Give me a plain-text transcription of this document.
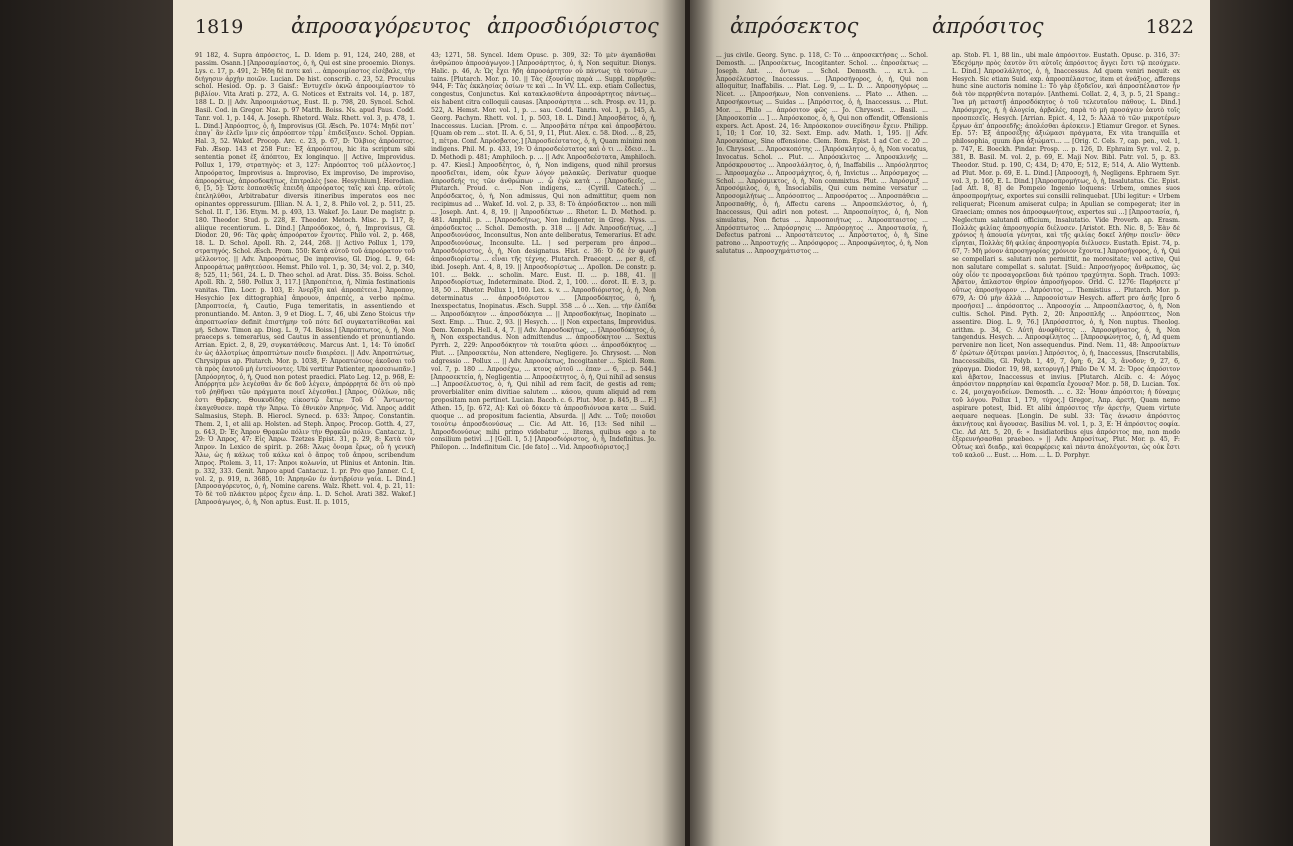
1819 ἀπροσαγόρευτος ἀπροσδιόριστος
91 182, 4. Supra ἀπρόσετος, L. D. Idem p. 91, 124, 240, 288, et passim. Οsann.] [Ἀπροσαμίαστος, ὁ, ἡ, Qui est sine prooemio. Dionys. Lys. c. 17, p. 491, 2: Ἠδη δὲ ποτε καὶ … ἀπροοιμίαστος εἰσέβαλε, τὴν διήγησιν ἀρχὴν ποιῶν. Lucian. De hist. conscrib. c. 23, 52. Proculus schol. Hesiod. Op. p. 3 Gaisf.: Ἐντυχεῖν ὀκνῶ ἀπροοιμίαστον τὸ βιβλίον. Vita Arati p. 272, A. G. Notices et Extraits vol. 14, p. 187, 188 L. D. || Adv. Ἀπροοιμιάστως, Eust. II. p. 798, 20. Syncel. Schol. Basil. Cod. in Gregor. Naz. p. 97 Matth. Boiss. Ns. apud Paus. Codd. Tanr. vol. 1, p. 144, A. Joseph. Rhetord. Walz. Rhett. vol. 3, p. 478, 1. L. Dind.] Ἀπρόοπτος, ὁ, ἡ, Improvisus (Gl. Æsch. Pe. 1074: Μηδὲ ποτ᾽ ἐπαγ᾽ ἂν ἐλεῖν ἴμιν εἰς ἀπρόοπτον τέρμ᾽ ἐπιδείξαιεν. Schol. Oppian. Hal. 3, 52. Wakef. Procop. Arc. c. 23, p. 67, D: Ὅλβιος ἀπρόοπτος. Fab. Æsop. 143 et 258 Fur.: Ἐξ ἀπροόπτου, hic ita scriptum sibi sententia ponet ἐξ ἀπόπτου, Ex longinquo. || Active, Improvidus. Pollux 1, 179, στρατηγὸς: et 3, 127: Ἀπρόοπτος τοῦ μέλλοντος.] Ἀπροόρατος, Improvisus a. Improviso, Ex improviso, De improviso, ἀπροοράτως, ἀπροσδοκήτως, ἐπιτραλὲς [see. Hesychium]. Herodian. 6, [5, 5]: Ὥστε ἐσπασθεῖς ἐπειδὴ ἀπροόρατος ταῖς καὶ ἐπρ. αὐτοῖς ἐπεληλύθοι, Arbitrabatur diversis itineribus imperatos eos nec opinantes oppressurum. [Illian. N. A. 1, 2, 8. Philo vol. 2, p. 511, 25. Schol. II. Γ, 136. Etym. M. p. 493, 13. Wakef. Jo. Laur. De magistr. p. 180. Theodor. Stud. p. 228, E. Theodor. Metoch. Misc. p. 117, 8; aliique recentiorum. L. Dind.] [Ἀπροόδοκος, ὁ, ἡ, Improvisus, Gl. Diodor. 20, 96: Τὰς φρὰς ἀπροόρατον ἔχοντες. Philo vol. 2, p. 468, 18. L. D. Schol. Apoll. Rh. 2, 244, 268. || Activo Pollux 1, 179, στρατηγός. Schol. Æsch. Prom. 550: Κατὰ αὐτοῦ τοῦ ἀπροόρατον τοῦ μέλλοντος. || Adv. Ἀπροοράτως, De improviso, Gl. Diog. L. 9, 64: Ἀπροοράτως μαθητεύσοι. Hemst. Philo vol. 1, p. 30, 34; vol. 2, p. 340, 8; 525, 11; 561, 24. L. D. Theo schol. ad Arat. Diss. 35. Boiss. Schol. Apoll. Rh. 2, 580. Pollux 3, 117.] [Ἀπροπέτεια, ἡ, Nimia festinationis vanitas. Tim. Locr. p. 103, E: Ἀνερξίη καὶ ἀπροπέτεια.] Ἀπροπον, Hesychio [ex dittographia] ἄπρουον, ἀπρεπές, a verbo πρέπω. [Ἀπροπτοεία, ἡ, Cautio, Fuga temeritatis, in assentiendo et pronuntiando. M. Anton. 3, 9 et Diog. L. 7, 46, ubi Zeno Stoicus τὴν ἀπροπτωσίαν definit ἐπιστήμην τοῦ πότε δεῖ συγκατατίθεσθαι καὶ μή. Schow. Timon ap. Diog. L. 9, 74. Boiss.] [Ἀπρόπτωτος, ὁ, ἡ, Non praeceps s. temerarius, sed Cautus in assentiendo et pronuntiando. Arrian. Epict. 2, 8, 29, συγκατάθεσις. Marcus Ant. 1, 14: Τὸ ὑποδεῖ ἐν ὡς ἀλλοτρίως ἀπροπτώτων ποιεῖν διαιρέσει. || Adv. Ἀπροπτώτως, Chrysippus ap. Plutarch. Mor. p. 1038, F: Ἀπροπτώτους ἀκοῦσαι τοῦ τὰ πρὸς ἑαυτοῦ μὴ ἐντείνοντες. Ubi vertitur Patienter, προσεσιωπᾶν.] [Ἀπρόσρητος, ὁ, ἡ, Quod non potest praedici. Plato Leg. 12, p. 968, E: Ἀπόρρητα μὲν λεγέσθαι ἂν δε δοῦ λέγειν, ἀπρόρρητα δὲ ὅτι οὐ πρὸ τοῦ ῥηθῆναι τῶν πράγματα ποιεῖ λέγεσθαι.] [Ἀπρος, Οὐλύων, πᾶς ἐστι Θρᾷκης. Θουκυδίδης εἰκοστῷ ἔκτῳ: Τοῦ δ᾽ Ἄντωντος ἐκαγεθυσεν. παρὰ τὴν Ἄπρω. Tὸ ἐθνικὸν Ἀπρηνός. Vid. Ἀπρος addit Salmasius, Steph. B. Hierocl. Synecd. p. 633: Ἄπρος. Constantin. Them. 2, 1, et alii ap. Holsten. ad Steph. Ἀπρος. Procop. Gotth. 4, 27, p. 643, D: Ἐς Ἀπρον Θρᾳκῶν πόλιν τὴν Θρᾳκῶν πόλιν. Cantacuz. 1, 29: Ὁ Ἀπρος, 47: Εἰς Ἀπρω. Tzetzes Epist. 31, p. 29, 8: Κατὰ τὸν Ἄπρον. In Lexico de spirit. p. 268: Ἅλως ὄνομα ἔρως, οὗ ἡ γενικὴ Ἅλω, ὡς ἡ κάλως τοῦ κάλω καὶ ὁ ἄπρος τοῦ ἄπρου, scribendum Ἄπρος. Ptolem. 3, 11, 17: Ἄπροι κολωνία, ut Plinius et Antonin. Itin. p. 332, 333. Genit. Ἄπρου apud Cantacuz. 1. pr. Pro quo Janner. C. I, vol. 2, p. 919, n. 3685, 10: Ἀπρηνῶν ἐν ἀντιβρίσιν γαία. L. Dind.] [Ἀπροσαγόρευτος, ὁ, ἡ, Nomine carens. Walz. Rhett. vol. 4, p. 21, 11: Τὸ δὲ τοῦ πλάκτου μέρος ἔχειν ἀπρ. L. D. Schol. Arati 382. Wakef.] [Ἀπροσάγωγος, ὁ, ἡ, Non aptus. Eust. II. p. 1015,
43; 1271, 58. Syncel. Idem Opusc. p. 309, 32: Τὸ μὲν ἀγαπᾶσθαι ἀνθρώπου ἀπροσάγωγον.] [Ἀπροσάρτητος, ὁ, ἡ, Non sequitur. Dionys. Halic. p. 46, A: Ὡς ἔχει ἤδη ἀπροσάρτητον οὐ πάντως τὰ τούτων ... tains. [Plutarch. Mor. p. 10. || Τὰς ἐξουσίας παρὰ ... Suppl. πορῆσθε: 944, F: Τὰς ἐκκλησίας ὁσίων τε καὶ ... In VV. LL. exp. etiam Collectus, congestus, Conjunctus. Καὶ κατακλασθέντα ἀπροσάρτητος πάντως... eis habent citra colloquii causas. [Ἀπροσάρτητα ... sch. Prosp. ev. 11, p. 522, A. Hemst. Mor. vol. 1, p. ... sau. Codd. Tanrin. vol. 1, p. 145, A. Georg. Pachym. Rhett. vol. 1, p. 503, 18. L. Dind.] Ἀπροσβάτος, ὁ, ἡ, Inaccessus. Lucian. [Prom. c. ... Ἀπροσβάτα πέτρα καὶ ἀπροσβάτου. [Quam ob rem ... stot. II. A. 6, 51, 9, 11, Plut. Alex. c. 58. Diod. ... 8, 25, 1, πέτρα. Conf. Ἀπρόσβατος.] [Ἀπροσδεέστατος, ὁ, ἡ, Quam minimi non indigens. Phil. M. p. 433, 19: Ὁ ἀπροσδεέστατος καὶ ὁ τι ... ἔδεισ... L. D. Methodi p. 481; Amphiloch. p. ... || Adv. Ἀπροσδεέστατα, Amphiloch. p. 47. Kiesl.] Ἀπροσδέητος, ὁ, ἡ, Non indigens, quod nihil prorsus προσδεῖται, idem, οὐκ ἔχων λόγον μαλακῶς. Derivatur quoque ἀπροσδεής τις τῶν ἀνθρώπων ... ᾧ ἐγὼ κατὰ ... [Ἀπροσδεεῖς, ... Plutarch. Proud. c. ... Non indigens, ... (Cyrill. Catech.) ... Ἀπρόσδεκτος, ὁ, ἡ, Non admissus, Qui non admittitur, quem non recipimus ad ... Wakef. Id. vol. 2, p. 33, 8: Τὸ ἀπρόσδεκτον ... non mili ... Joseph. Ant. 4, 8, 19. || Ἀπροσδέκτων ... Rhetor. L. D. Method. p. 481. Amphil. p. ... [Ἀπροσδεήτως, Non indigenter, in Greg. Nyss. ... ἀπρόσδεκτος ... Schol. Demosth. p. 318 ... || Adv. Ἀπροσδεήτως, ...] Ἀπροσδιονύσος, Inconsultus, Non ante deliberatus, Temerarius. Et adv. Ἀπροσδιονύσως, Inconsulte. LL. | sed perperam pro ἀπροσ... Ἀπροσδιόριστος, ὁ, ἡ, Non designatus. Hist. c. 36: Ὁ δὲ ἐν φωνῇ ἀπροσδιορίστῳ ... εἶναι τῆς τέχνης. Plutarch. Praecept. ... per 8, cf. ibid. Joseph. Ant. 4, 8, 19. || Ἀπροσδιορίστως ... Apollon. De constr. p. 101. ... Bekk. ... scholin. Marc. Eust. II. ... p. 188, 41. || Ἀπροσδιορίστως, Indeterminate. Diod. 2, 1, 100. ... dorot. II. E. 3, p. 18, 50 ... Rhetor. Pollux 1, 100. Lex. s. v. ... Ἀπροσδιόριστος, ὁ, ἡ, Non determinatus ... ἀπροσδιόριστον ... [Ἀπροσδόκητος, ὁ, ἡ, Inexspectatus, Inopinatus. Æsch. Suppl. 358 ... ὁ ... Xen. ... τὴν ἐλπίδα ... Ἀπροσδόκητον ... ἀπροσδόκητα ... || Ἀπροσδοκήτως, Inopinato ... Sext. Emp. ... Thuc. 2, 93. || Hesych. ... || Non expectans, Improvidus. Dem. Xenoph. Hell. 4, 4, 7. || Adv. Ἀπροσδοκήτως, ... [Ἀπροσδόκητος, ὁ, ἡ, Non exspectandus. Non admittendus ... ἀπροσδόκητον ... Sextus Pyrrh. 2, 229: Ἀπροσδόκητον τὰ τοιαῦτα φύσει ... ἀπροσδόκητος ... Plut. ... [Ἀπροσεκτέω, Non attendere, Negligere. Jo. Chrysost. ... Non adgressio ... Pollux ... || Adv. Ἀπροσέκτως, Incogitanter ... Spicil. Rom. vol. 7, p. 180 ... Ἀπροσέχω, ... κτους αὐτοῦ ... ἐπαν ... 6, ... p. 544.] [Ἀπροσεκτεία, ἡ, Negligentia ... Ἀπροσέκτητος, ὁ, ἡ, Qui nihil ad sensus ...] Ἀπροσέλευστος, ὁ, ἡ, Qui nihil ad rem facit, de gestis ad rem; proverbialiter enim divitiae salutem ... κάσου, quum aliquid ad rem propositam non pertinet. Lucian. Bacch. c. 6. Plut. Mor. p. 845, B ... F.] Athen. 15, [p. 672, A]: Καὶ οὐ δόκεν τὰ ἀπροσδιόνυσα κατα ... Suid. quoque ... ad propositum facientia, Absurda. || Adv. ... Τοῦ; ποιοῦσι τοιούτῳ ἀπροσδιονύσως ... Cic. Ad Att. 16, [13: Sed nihil ... Ἀπροσδιονύσως mihi primo videbatur ... literas, quibus ego a te consilium petivi ...] [Gell. 1, 5.] [Ἀπροσδιόριστος, ὁ, ἡ, Indefinitus. Jo. Philopon. ... Indefinitum Cic. [de fato] ... Vid. Ἀπροσδιόριστος.]
ἀπρόσεκτος	ἀπρόσιτος	1822
... jus civile. Georg. Sync. p. 118, C: Τὸ ... ἀπροσεκτήσας ... Schol. Demosth. ... [Ἀπροσέκτως, Incogitanter. Schol. ... ἐπροσέκτως ... Joseph. Ant. ... ὄντων ... Schol. Demosth. ... κ.τ.λ. ... Ἀπροσέλευστος, Inaccessus. ... [Ἀπροσήγορος, ὁ, ἡ, Qui non alloquitur, Inaffabilis. ... Plat. Leg. 9, ... L. D. ... Ἀπροσηγόρως ... Nicet. ... [Ἀπροσήκων, Non conveniens. ... Plato ... Athen. ... Ἀπροσήκοντως ... Suidas ... [Ἀπρόσιτος, ὁ, ἡ, Inaccessus. ... Plut. Mor. ... Philo ... ἀπρόσιτον φῶς ... Jo. Chrysost. ... Basil. ... [Ἀπροσκοπία ... ] ... Ἀπρόσκοπος, ὁ, ἡ, Qui non offendit, Offensionis expers. Act. Apost. 24, 16: Ἀπρόσκοπον συνείδησιν ἔχειν. Philipp. 1, 10; 1 Cor. 10, 32. Sext. Emp. adv. Math. 1, 195. || Adv. Ἀπροσκόπως, Sine offensione. Clem. Rom. Epist. 1 ad Cor. c. 20 ... Jo. Chrysost. ... Ἀπροσκοπότης ... [Ἀπρόσκλητος, ὁ, ἡ, Non vocatus, Invocatus. Schol. ... Plut. ... Ἀπρόσκλιτος ... Ἀπροσκλινής ... Ἀπρόσκρουστος ... Ἀπροσλάλητος, ὁ, ἡ, Inaffabilis ... Ἀπρόσληπτος ... Ἀπροσμαχέω ... Ἀπροσμάχητος, ὁ, ἡ, Invictus ... Ἀπρόσμαχος ... Schol. ... Ἀπρόσμικτος, ὁ, ἡ, Non commixtus. Plut. ... Ἀπρόσμιξ ... Ἀπροσόμιλος, ὁ, ἡ, Insociabilis, Qui cum nemine versatur ... Ἀπροσομιλήτως ... Ἀπρόσοπτος ... Ἀπροσόρατος ... Ἀπροσπάθεια ... Ἀπροσπαθής, ὁ, ἡ, Affectu carens ... Ἀπροσπελάστος, ὁ, ἡ, Inaccessus, Qui adiri non potest. ... Ἀπροσποίητος, ὁ, ἡ, Non simulatus, Non fictus ... Ἀπροσποιήτως ... Ἀπροσπταιστος ... Ἀπρόσπτωτος ... Ἀπρόσρησις ... Ἀπρόσρητος ... Ἀπροστασία, ἡ, Defectus patroni ... Ἀπροστάτευτος ... Ἀπρόστατος, ὁ, ἡ, Sine patrono ... Ἀπροστυχής ... Ἀπρόσφορος ... Ἀπροσφώνητος, ὁ, ἡ, Non salutatus ... Ἀπροσχημάτιστος ...
ap. Stob. Fl. 1, 88 lin., ubi male ἀπρόσιτον. Eustath. Opusc. p. 316, 37: Ἐδεχόμην πρὸς ἑαυτὸν ὅτι αὐτοῖς ἀπρόσιτος ἄγγει ἔστι τῷ πεσόχμεν. L. Dind.] Ἀπροσλάλητος, ὁ, ἡ, Inaccessus. Ad quem veniri nequit: ex Hesych. Sic etiam Suid. exp. ἀπροσπέλαστος, item et ἀνάξιος, afferens hunc sine auctoris nomine l.: Τὸ γὰρ ἐξοδεῖον, καὶ ἀπροσπέλαστον ἦν διὰ τὸν περρηθέντα ποταμόν. [Anthemi. Collat. 2, 4, 3, p. 5, 21 Spang.: Ἵνα μὴ μεταστῇ ἀπροσδόκητος ὁ τοῦ τελευταῖου πάθους. L. Dind.] Ἀπρόσμιχος, ἡ, ἡ ἀλογεία, ἀρβαλές, παρὰ τὸ μὴ προσάγειν ἑαυτὸ τοῖς προσπεσεῖς. Hesych. [Arrian. Epict. 4, 12, 5: Ἀλλὰ τὸ τῶν μικροτέρων ἔργων ἀπ' ἀπροσεδῆς; ἀπολέσθαι ἀρέσκειν.] Etiamur Gregor. et Synes. Ep. 57: Ἐξ ἀπροσέξης ἀξιώμασι πράγματα, Ex vita tranquilla et philosophia, quum ἄρα ἀξιώματι... ... [Orig. C. Cels. 7, cap. pen., vol. 1, p. 747, E. Boeckh. Pindar. Prosp. ... p. 126, D. Ephraim Syr. vol. 2, p. 381, B. Basil. M. vol. 2, p. 69, E. Maji Nov. Bibl. Patr. vol. 5, p. 83. Theodor. Stud. p. 190, C; 434, D; 470, E; 512, E; 514, A. Alio Wyttenb. ad Plut. Mor. p. 69, E. L. Dind.] [Ἀπροσοχή, ἡ, Negligens. Ephraem Syr. vol. 3, p. 160, E. L. Dind.] [Ἀπροσπρομήτως, ὁ, ἡ, Insalutatus. Cic. Epist. [ad Att. 8, 8] de Pompeio Ingenio loquens: Urbem, omnes suos ἀπροσπρομήτως, exportes sui consilii relinquebat. [Ubi legitur: « Urbem reliquerat; Picenum amiserat culpa; in Apulian se compegerat; iter in Graeciam; omnes nos ἀπροσφωνήτους, expertes sui ...] [Ἀπροστασία, ἡ, Neglectum salutandi officium, Insalutatio. Vide Proverb. ap. Erasm. Πολλὰς φιλίας ἀπροσηγορία διέλυσεν. [Aristot. Eth. Nic. 8, 5: Ἐὰν δὲ χρόνιος ἡ ἀπουσία γένηται, καὶ τῆς φιλίας δοκεῖ λήθην ποιεῖν· ὅθεν εἴρηται, Πολλὰς δὴ φιλίας ἀπροσηγορία διέλυσεν. Eustath. Epist. 74, p. 67, 7: Μὴ μόνον ἀπροσηγορίας χρόνιον ἔχοντα.] Ἀπροσήγορος, ὁ, ἡ, Qui se compellari s. salutari non permittit, ne morositate; vel active, Qui non salutare compellat s. salutat. [Suid.: Ἀπροσήγορος ἄνθρωπος, ὡς οὐχ οἷόν τε προσαγορεῦσαι διὰ τρόπου τραχύτητα. Soph. Trach. 1093: Ἄβατον, ἄπλαστον θηρίον ἀπροσήγορον. Orld. C. 1276: Παρήσετε μ' οὕτως ἀπροσήγορον ... Ἀπρόσιτος ... Themistius ... Plutarch. Mor. p. 679, A: Οὐ μὴν ἀλλὰ ... Ἀπροσοίστων Hesych. affert pro ἀσῆς [pro δ προσήσει] ... ἀπρόσοπτος ... Ἀπροσοχία ... Ἀπροσπέλαστος, ὁ, ἡ, Non cultis. Schol. Pind. Pyth. 2, 20: Ἀπροσπλῆς ... Ἀπρόσπτεος, Non assentire. Diog. L. 9, 76.] [Ἀπρόσσπτος, ὁ, ἡ, Non nuptus. Theolog. arithm. p. 34, C: Αὐτὴ ἀνοφθέντες ... Ἀπροσφήνατος, ὁ, ἡ, Non tangendus. Hesych. ... Ἀπροσφίλητος ... [Ἀπροσφώνητος, ὁ, ἡ, Ad quem pervenire non licet, Non assequendus. Pind. Nem. 11, 48: Ἀπροσίκτων δ' ἐρώτων ὀξύτεραι μανίαι.] Ἀπρόσιτος, ὁ, ἡ, Inaccessus, [Inscrutabilis, Inaccessibilis, Gl. Polyb. 1, 49, 7, ὄρη; 6, 24, 3, ἄνοδον; 9, 27, 6, χάραγμα. Diodor. 19, 98, κατορυγή.] Philo De V. M. 2: Ὄρος ἀπρόσιτον καὶ ἄβατον, Inaccessus et invius. [Plutarch. Alcib. c. 4: Λόγος ἀπρόσιτον παρρησίαν καὶ θεραπεῖα ἔχουσα? Mor. p. 58, D. Lucian. Tox. c. 24, μοιχαγοιδείων. Demosth. ... c. 32: Ἦσαν ἀπρόσιτοι; ἡ δύναμις τοῦ λόγου. Pollux 1, 179, τύχος.] Gregor., Ἀπρ. ἀρετὴ, Quam nemo aspirare potest, Ibid. Et alibi ἀπρόσιτος τῆν ἀρετὴν, Quem virtute aequare nequeas. [Longin. De subl. 33: Τὰς ἀνωσιν ἀπρόσιτος ἀκινήτους καὶ ἄγουσας. Basilius M. vol. 1, p. 3, E: Ἡ ἀπρόσιτος σοφία. Cic. Ad Att. 5, 20, 6: « Insidiatoribus ejus ἀπρόσιτος me, non modo ἐξερευνήσασθαι praebeo. » || Adv. Ἀπροσίτως, Plut. Mor. p. 45, F: Οὕτως καὶ διαδρ., καὶ θεαρφέρεις καὶ πάντα ἀπολέγονται, ὡς οὐκ ἔστι τοῦ καλοῦ ... Eust. ... Hom. ... L. D. Porphyr.
